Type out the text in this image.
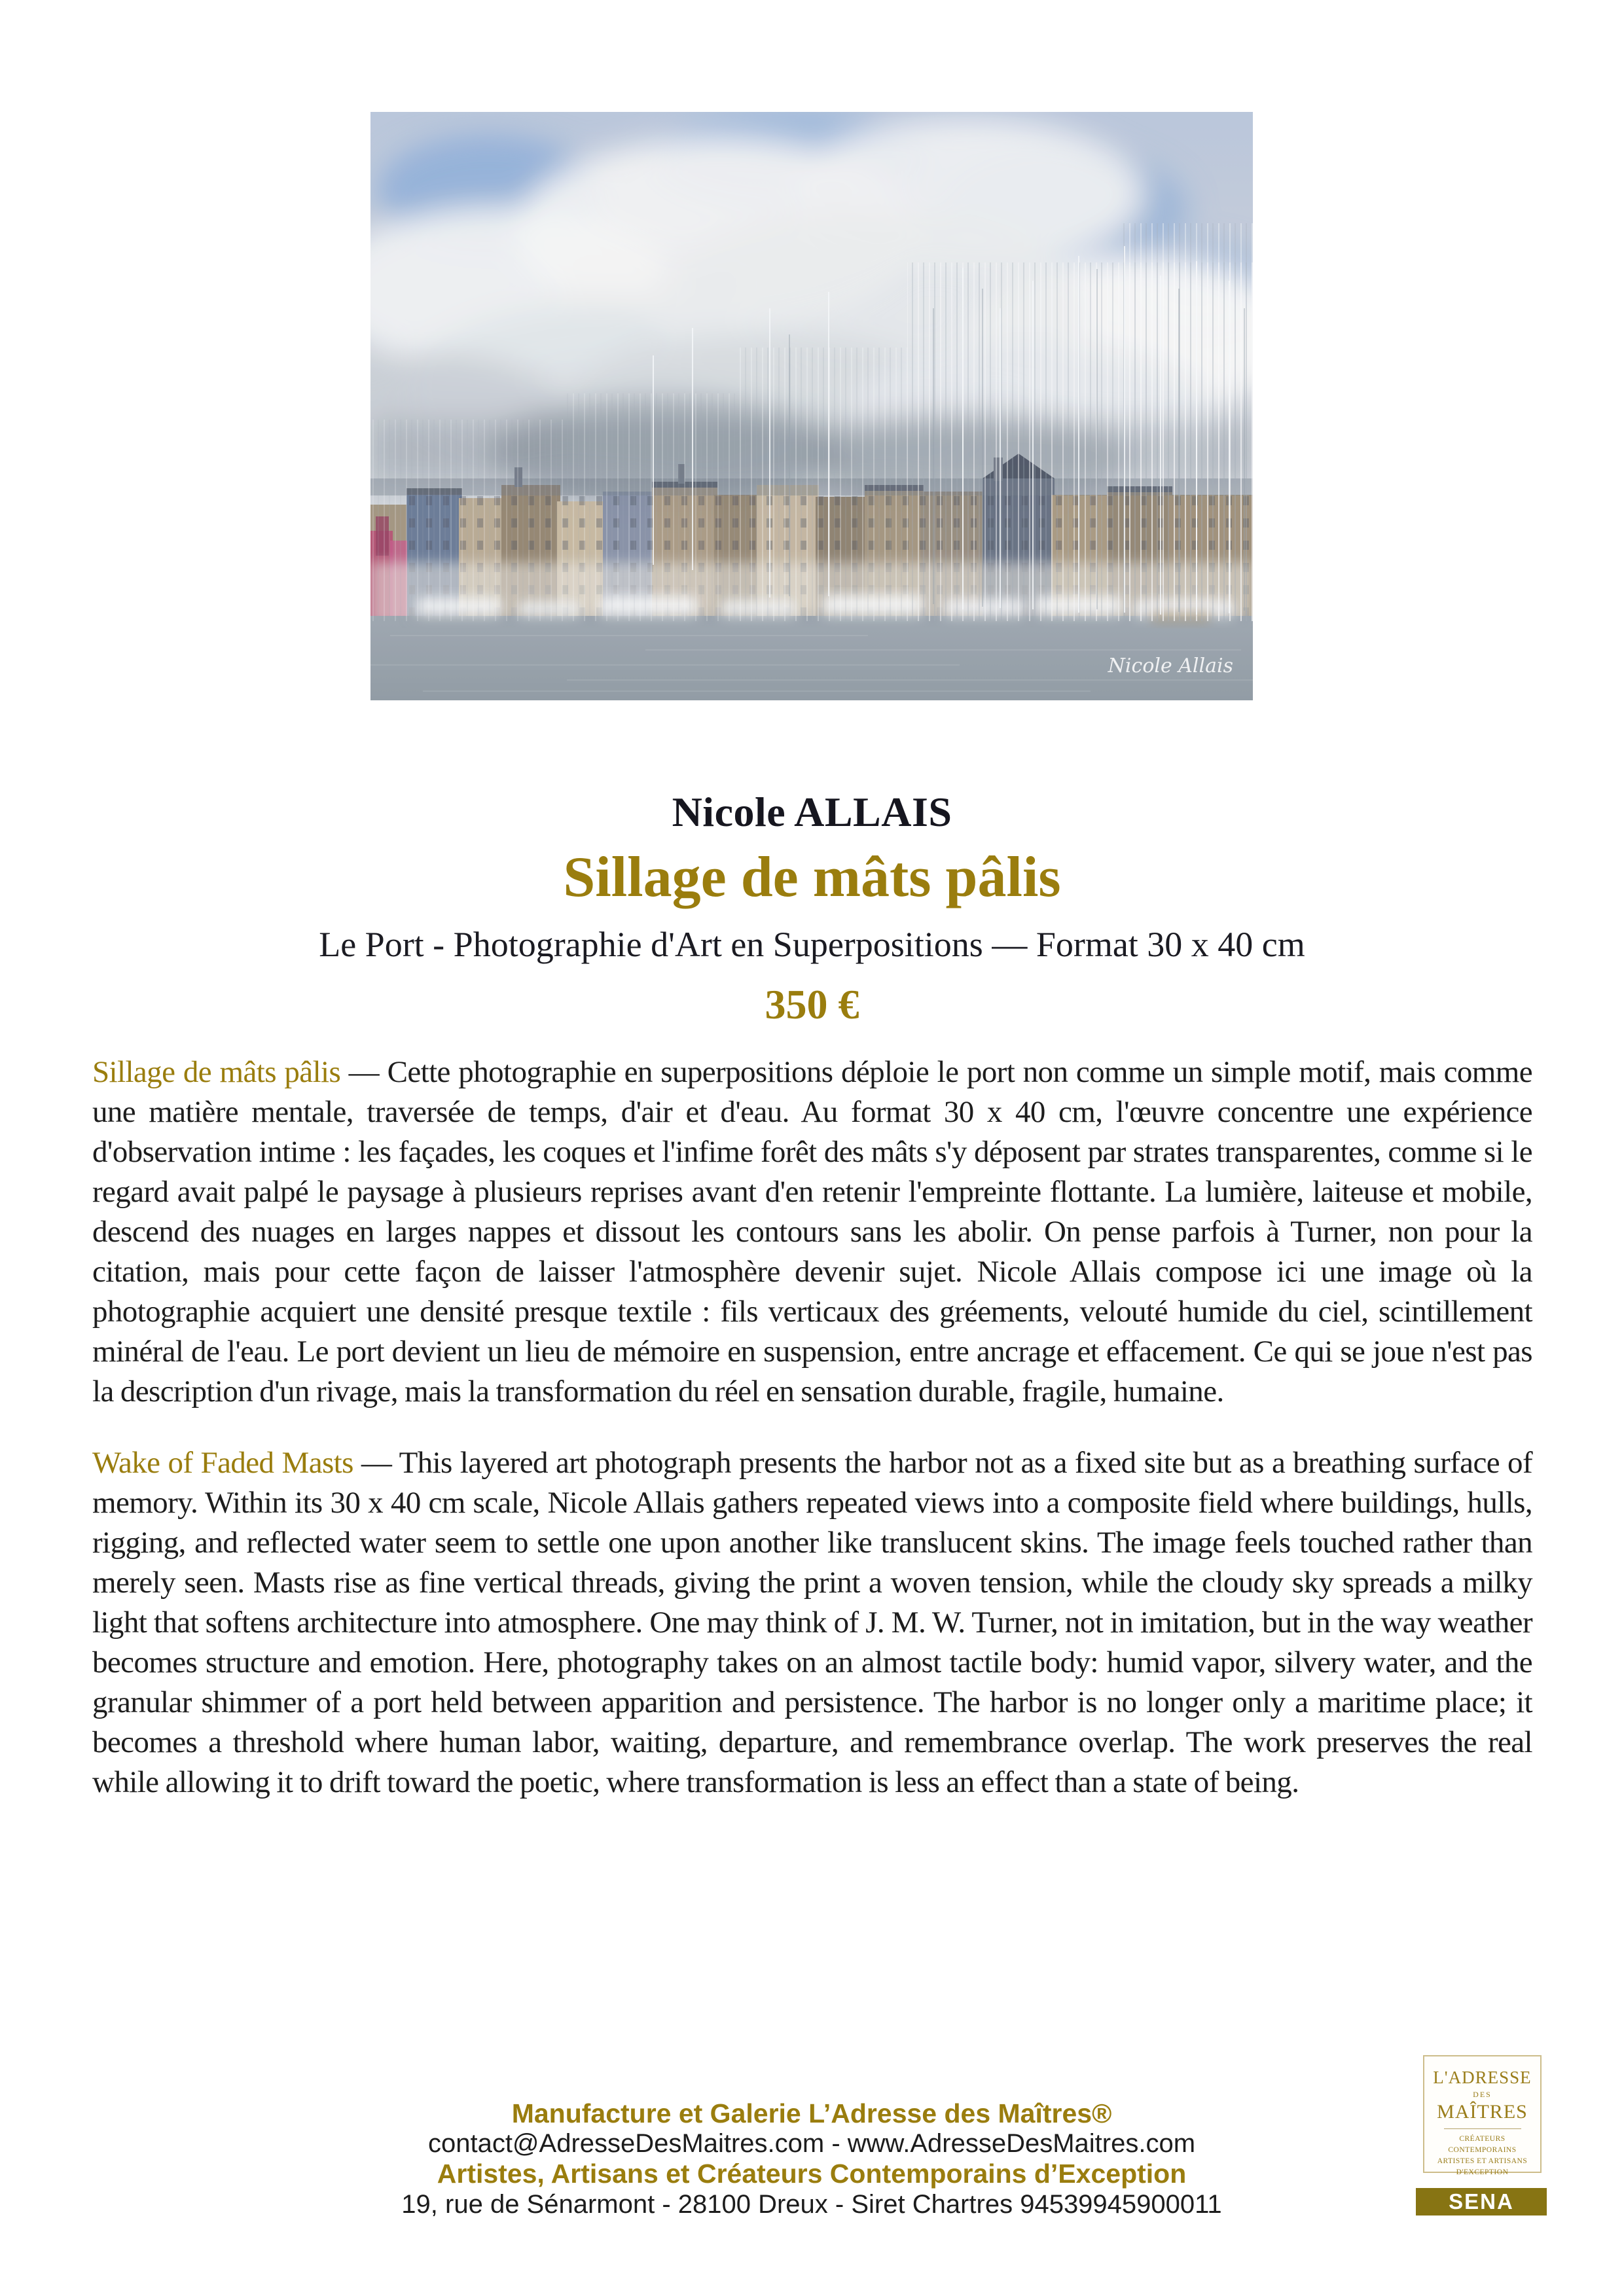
Nicole Allais
Nicole ALLAIS
Sillage de mâts pâlis
Le Port - Photographie d'Art en Superpositions — Format 30 x 40 cm
350 €

Sillage de mâts pâlis — Cette photographie en superpositions déploie le port non comme un simple motif, mais comme une matière mentale, traversée de temps, d'air et d'eau. Au format 30 x 40 cm, l'œuvre concentre une expérience d'observation intime : les façades, les coques et l'infime forêt des mâts s'y déposent par strates transparentes, comme si le regard avait palpé le paysage à plusieurs reprises avant d'en retenir l'empreinte flottante. La lumière, laiteuse et mobile, descend des nuages en larges nappes et dissout les contours sans les abolir. On pense parfois à Turner, non pour la citation, mais pour cette façon de laisser l'atmosphère devenir sujet. Nicole Allais compose ici une image où la photographie acquiert une densité presque textile : fils verticaux des gréements, velouté humide du ciel, scintillement minéral de l'eau. Le port devient un lieu de mémoire en suspension, entre ancrage et effacement. Ce qui se joue n'est pas la description d'un rivage, mais la transformation du réel en sensation durable, fragile, humaine.

Wake of Faded Masts — This layered art photograph presents the harbor not as a fixed site but as a breathing surface of memory. Within its 30 x 40 cm scale, Nicole Allais gathers repeated views into a composite field where buildings, hulls, rigging, and reflected water seem to settle one upon another like translucent skins. The image feels touched rather than merely seen. Masts rise as fine vertical threads, giving the print a woven tension, while the cloudy sky spreads a milky light that softens architecture into atmosphere. One may think of J. M. W. Turner, not in imitation, but in the way weather becomes structure and emotion. Here, photography takes on an almost tactile body: humid vapor, silvery water, and the granular shimmer of a port held between apparition and persistence. The harbor is no longer only a maritime place; it becomes a threshold where human labor, waiting, departure, and remembrance overlap. The work preserves the real while allowing it to drift toward the poetic, where transformation is less an effect than a state of being.

Manufacture et Galerie L’Adresse des Maîtres®
contact@AdresseDesMaitres.com - www.AdresseDesMaitres.com
Artistes, Artisans et Créateurs Contemporains d’Exception
19, rue de Sénarmont - 28100 Dreux - Siret Chartres 94539945900011
L'ADRESSE
DES
MAÎTRES
CRÉATEURS CONTEMPORAINS
ARTISTES ET ARTISANS
D'EXCEPTION
SENA
